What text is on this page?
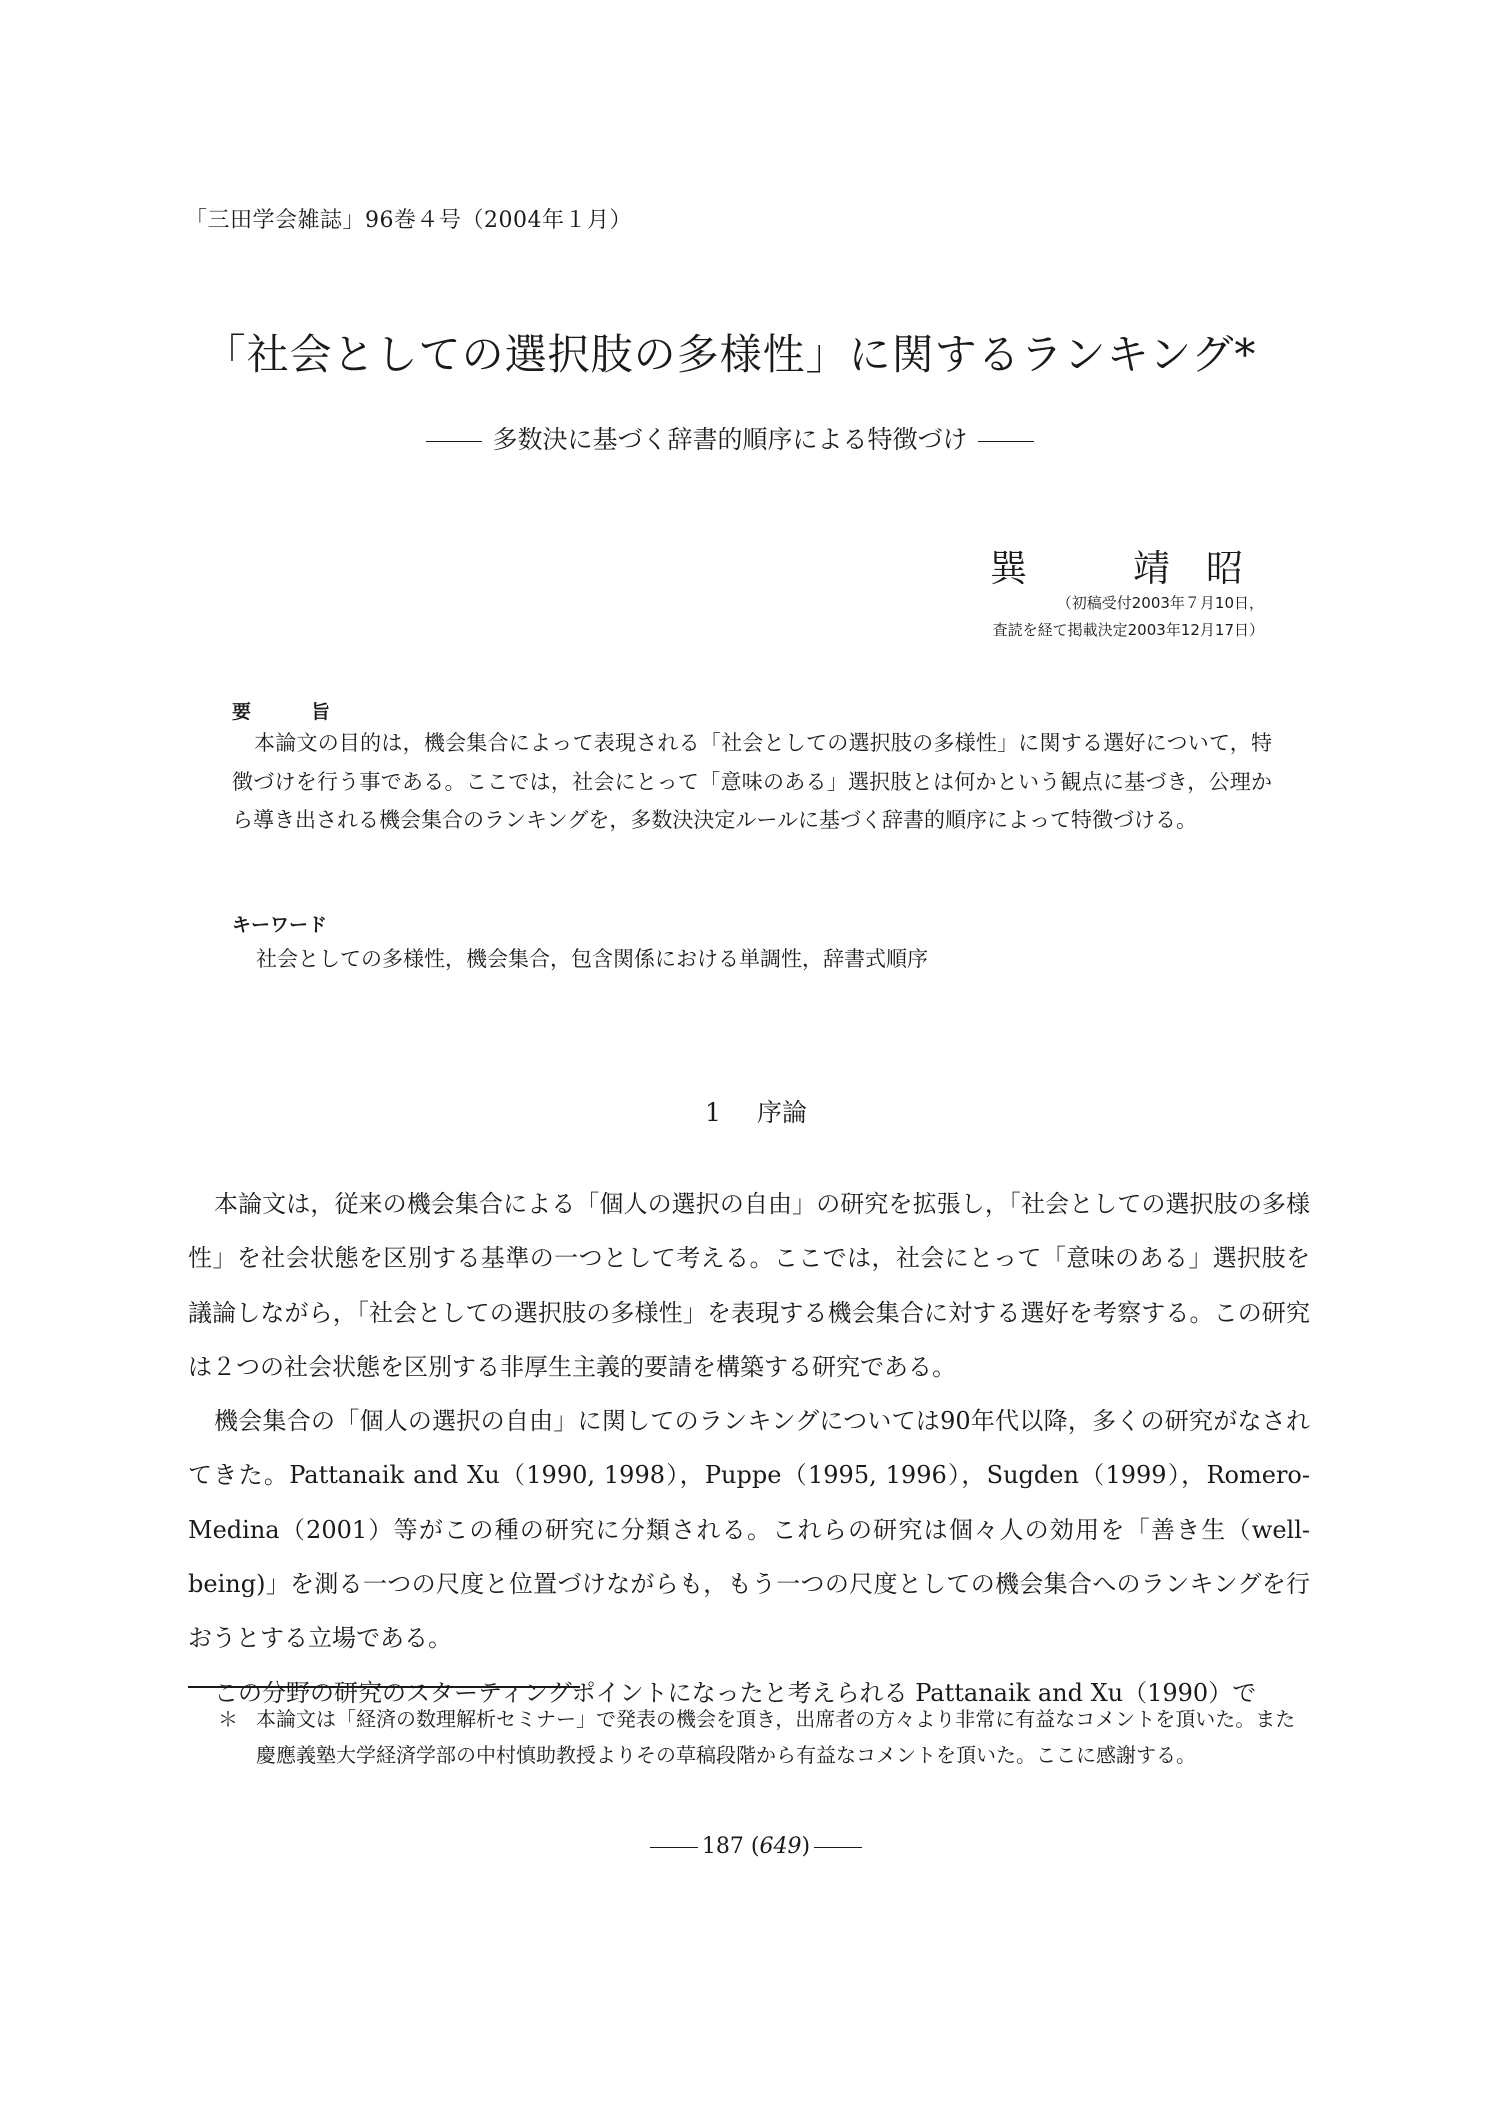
「三田学会雑誌」96巻４号（2004年１月）
「社会としての選択肢の多様性」に関するランキング*
多数決に基づく辞書的順序による特徴づけ
巽	靖 昭
（初稿受付2003年７月10日，
査読を経て掲載決定2003年12月17日）
要	旨
本論文の目的は，機会集合によって表現される「社会としての選択肢の多様性」に関する選好について，特徴づけを行う事である。ここでは，社会にとって「意味のある」選択肢とは何かという観点に基づき，公理から導き出される機会集合のランキングを，多数決決定ルールに基づく辞書的順序によって特徴づける。
キーワード
社会としての多様性，機会集合，包含関係における単調性，辞書式順序
1 序論

本論文は，従来の機会集合による「個人の選択の自由」の研究を拡張し，「社会としての選択肢の多様性」を社会状態を区別する基準の一つとして考える。ここでは，社会にとって「意味のある」選択肢を議論しながら，「社会としての選択肢の多様性」を表現する機会集合に対する選好を考察する。この研究は２つの社会状態を区別する非厚生主義的要請を構築する研究である。

機会集合の「個人の選択の自由」に関してのランキングについては90年代以降，多くの研究がなされてきた。Pattanaik and Xu（1990, 1998），Puppe（1995, 1996），Sugden（1999），Romero-Medina（2001）等がこの種の研究に分類される。これらの研究は個々人の効用を「善き生（well-being)」を測る一つの尺度と位置づけながらも，もう一つの尺度としての機会集合へのランキングを行おうとする立場である。

この分野の研究のスターティングポイントになったと考えられる Pattanaik and Xu（1990）で

＊ 本論文は「経済の数理解析セミナー」で発表の機会を頂き，出席者の方々より非常に有益なコメントを頂いた。また慶應義塾大学経済学部の中村慎助教授よりその草稿段階から有益なコメントを頂いた。ここに感謝する。
187 (649)
